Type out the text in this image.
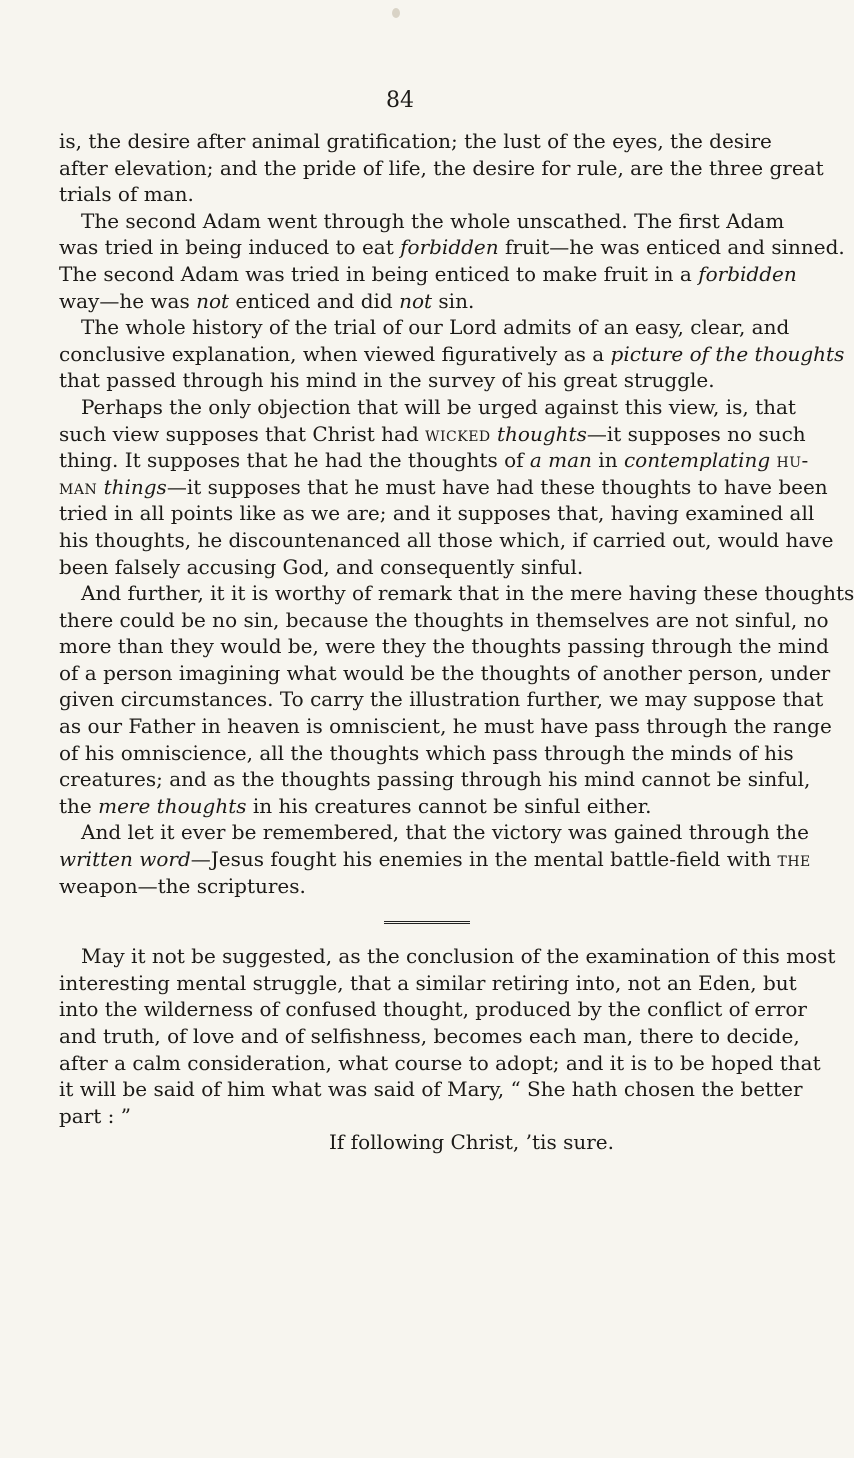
84
is, the desire after animal gratification; the lust of the eyes, the desire
after elevation; and the pride of life, the desire for rule, are the three great
trials of man.
The second Adam went through the whole unscathed. The first Adam
was tried in being induced to eat forbidden fruit—he was enticed and sinned.
The second Adam was tried in being enticed to make fruit in a forbidden
way—he was not enticed and did not sin.
The whole history of the trial of our Lord admits of an easy, clear, and
conclusive explanation, when viewed figuratively as a picture of the thoughts
that passed through his mind in the survey of his great struggle.
Perhaps the only objection that will be urged against this view, is, that
such view supposes that Christ had wicked thoughts—it supposes no such
thing. It supposes that he had the thoughts of a man in contemplating hu-
man things—it supposes that he must have had these thoughts to have been
tried in all points like as we are; and it supposes that, having examined all
his thoughts, he discountenanced all those which, if carried out, would have
been falsely accusing God, and consequently sinful.
And further, it it is worthy of remark that in the mere having these thoughts
there could be no sin, because the thoughts in themselves are not sinful, no
more than they would be, were they the thoughts passing through the mind
of a person imagining what would be the thoughts of another person, under
given circumstances. To carry the illustration further, we may suppose that
as our Father in heaven is omniscient, he must have pass through the range
of his omniscience, all the thoughts which pass through the minds of his
creatures; and as the thoughts passing through his mind cannot be sinful,
the mere thoughts in his creatures cannot be sinful either.
And let it ever be remembered, that the victory was gained through the
written word—Jesus fought his enemies in the mental battle-field with the
weapon—the scriptures.
May it not be suggested, as the conclusion of the examination of this most
interesting mental struggle, that a similar retiring into, not an Eden, but
into the wilderness of confused thought, produced by the conflict of error
and truth, of love and of selfishness, becomes each man, there to decide,
after a calm consideration, what course to adopt; and it is to be hoped that
it will be said of him what was said of Mary, “ She hath chosen the better
part : ”
If following Christ, ’tis sure.
